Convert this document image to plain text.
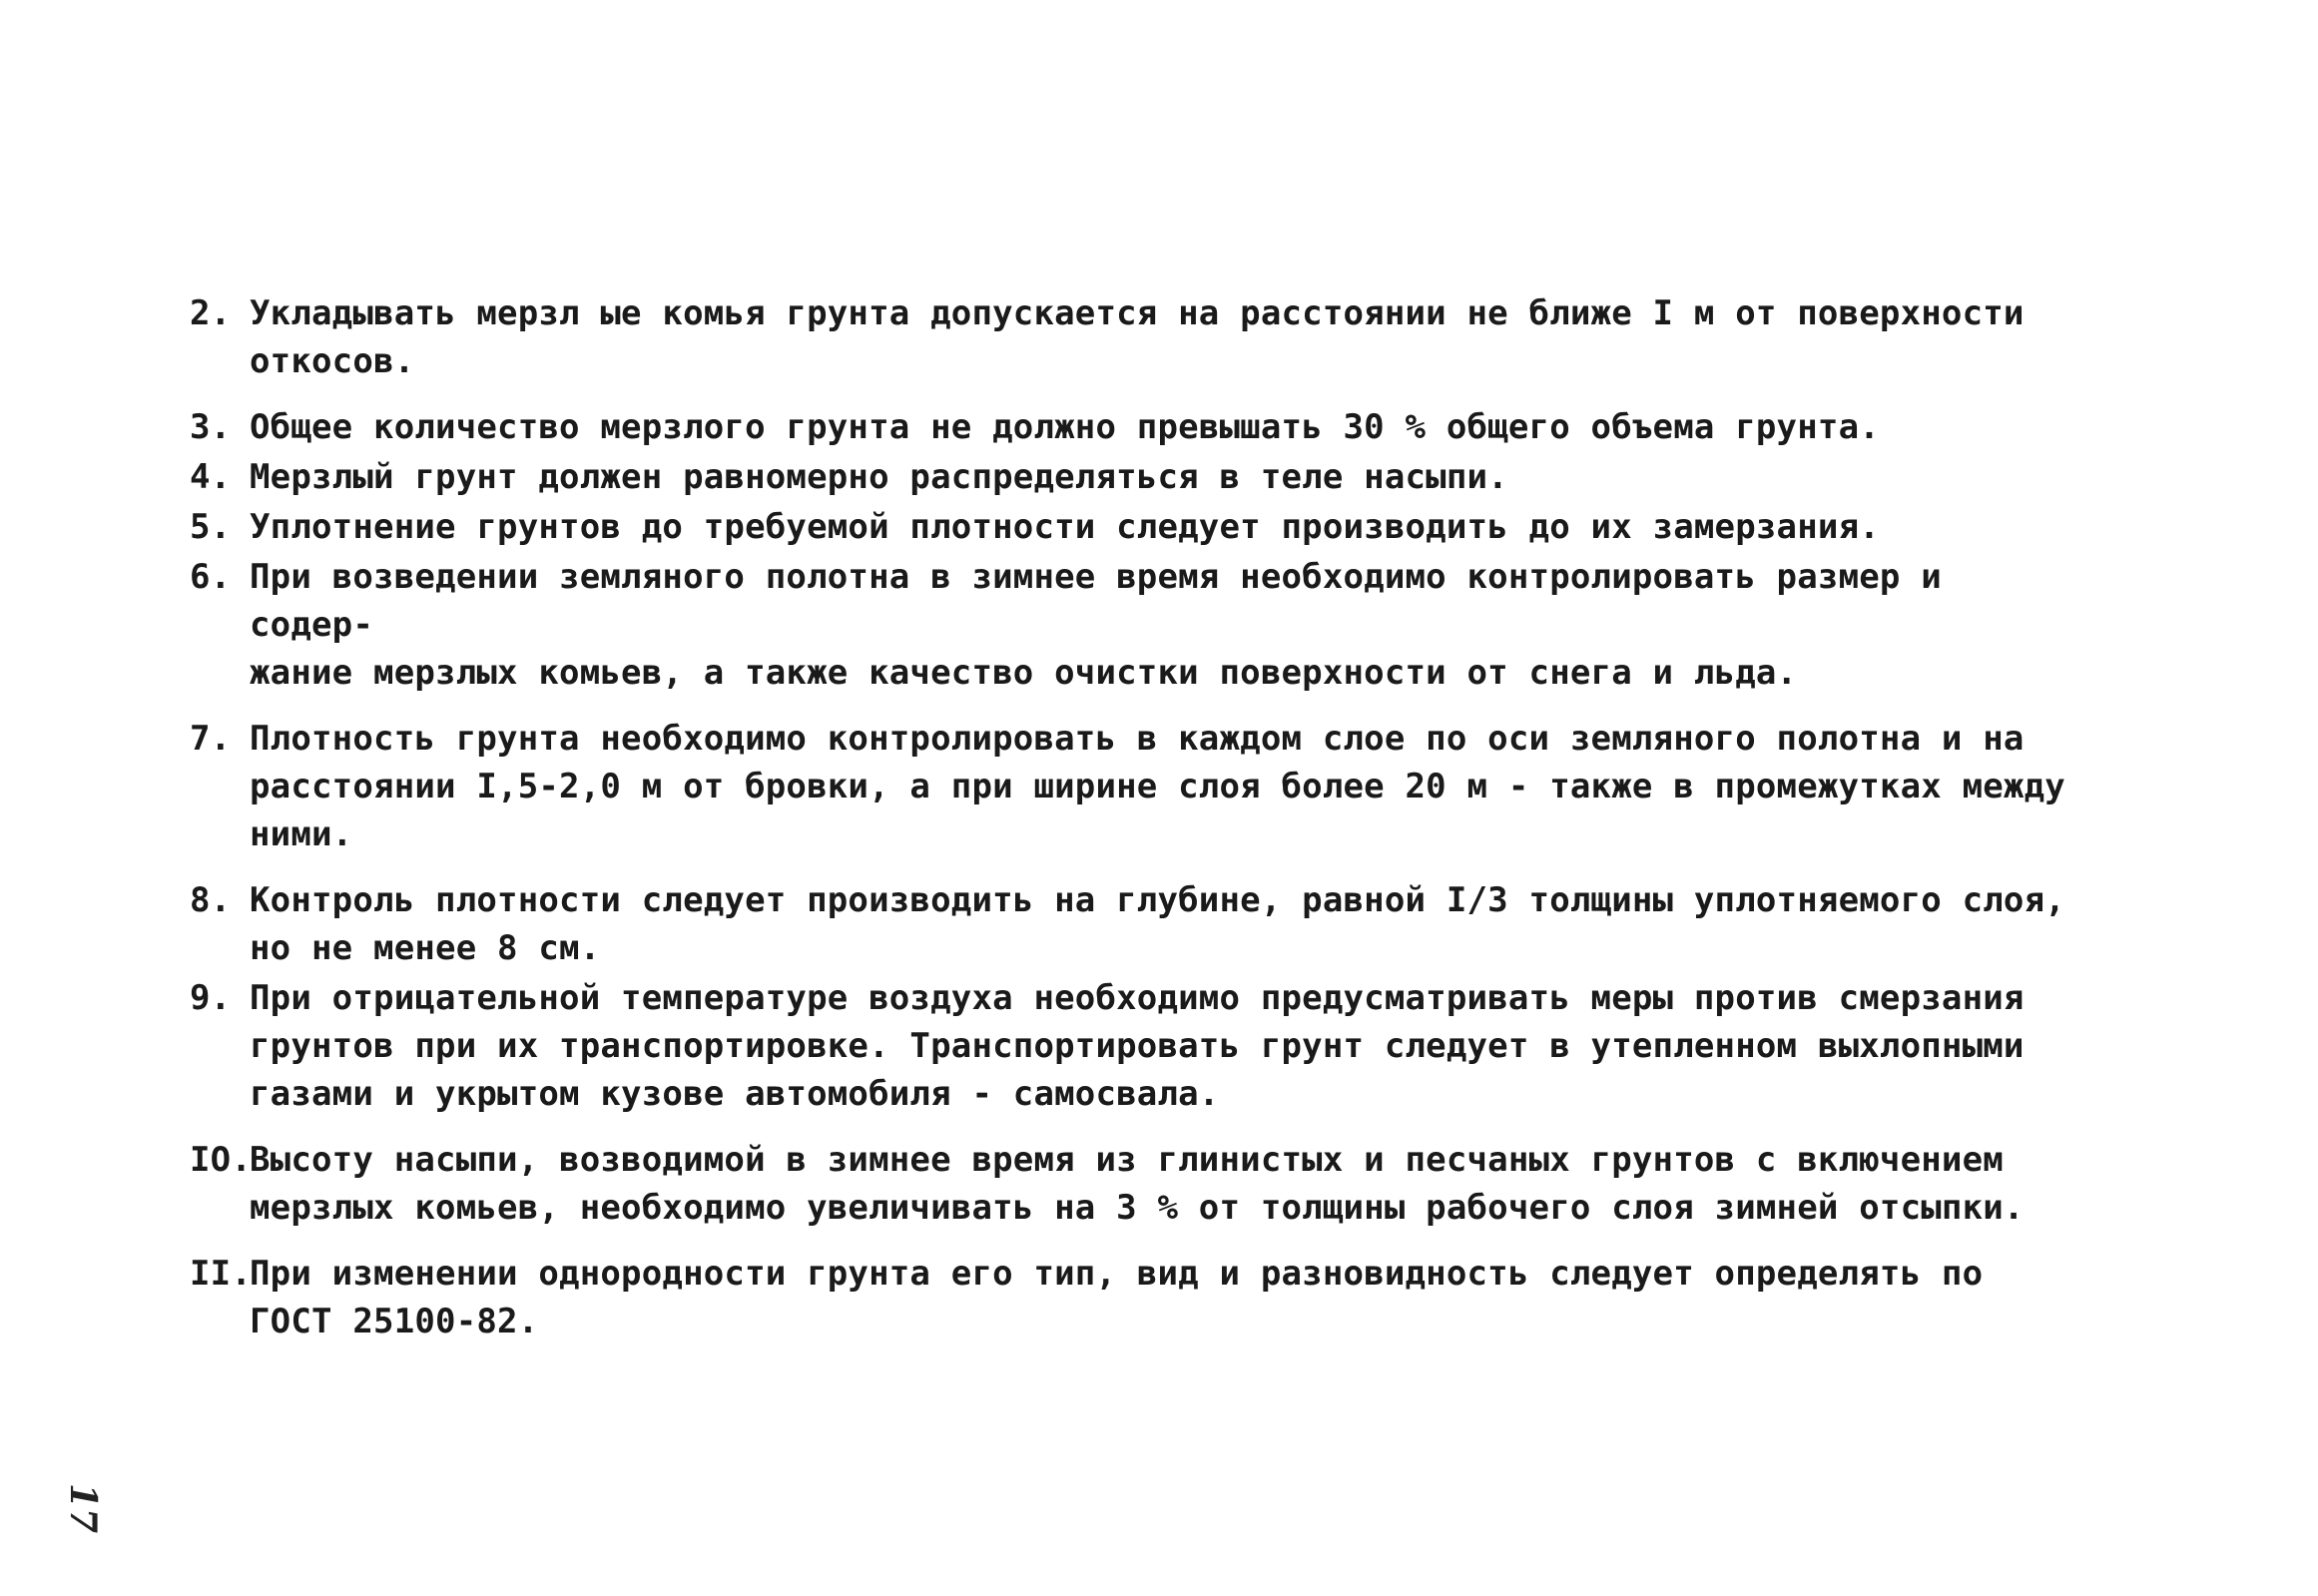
2. Укладывать мерзл ые комья грунта допускается на расстоянии не ближе I м от поверхности
откосов.
3. Общее количество мерзлого грунта не должно превышать 30 % общего объема грунта.
4. Мерзлый грунт должен равномерно распределяться в теле насыпи.
5. Уплотнение грунтов до требуемой плотности следует производить до их замерзания.
6. При возведении земляного полотна в зимнее время необходимо контролировать размер и содер-
жание мерзлых комьев, а также качество очистки поверхности от снега и льда.
7. Плотность грунта необходимо контролировать в каждом слое по оси земляного полотна и на
расстоянии I,5-2,0 м от бровки, а при ширине слоя более 20 м - также в промежутках между
ними.
8. Контроль плотности следует производить на глубине, равной I/3 толщины уплотняемого слоя,
но не менее 8 см.
9. При отрицательной температуре воздуха необходимо предусматривать меры против смерзания
грунтов при их транспортировке. Транспортировать грунт следует в утепленном выхлопными
газами и укрытом кузове автомобиля - самосвала.
IO.
Высоту насыпи, возводимой в зимнее время из глинистых и песчаных грунтов с включением
мерзлых комьев, необходимо увеличивать на 3 % от толщины рабочего слоя зимней отсыпки.
II.
При изменении однородности грунта его тип, вид и разновидность следует определять по
ГОСТ 25100-82.
17
